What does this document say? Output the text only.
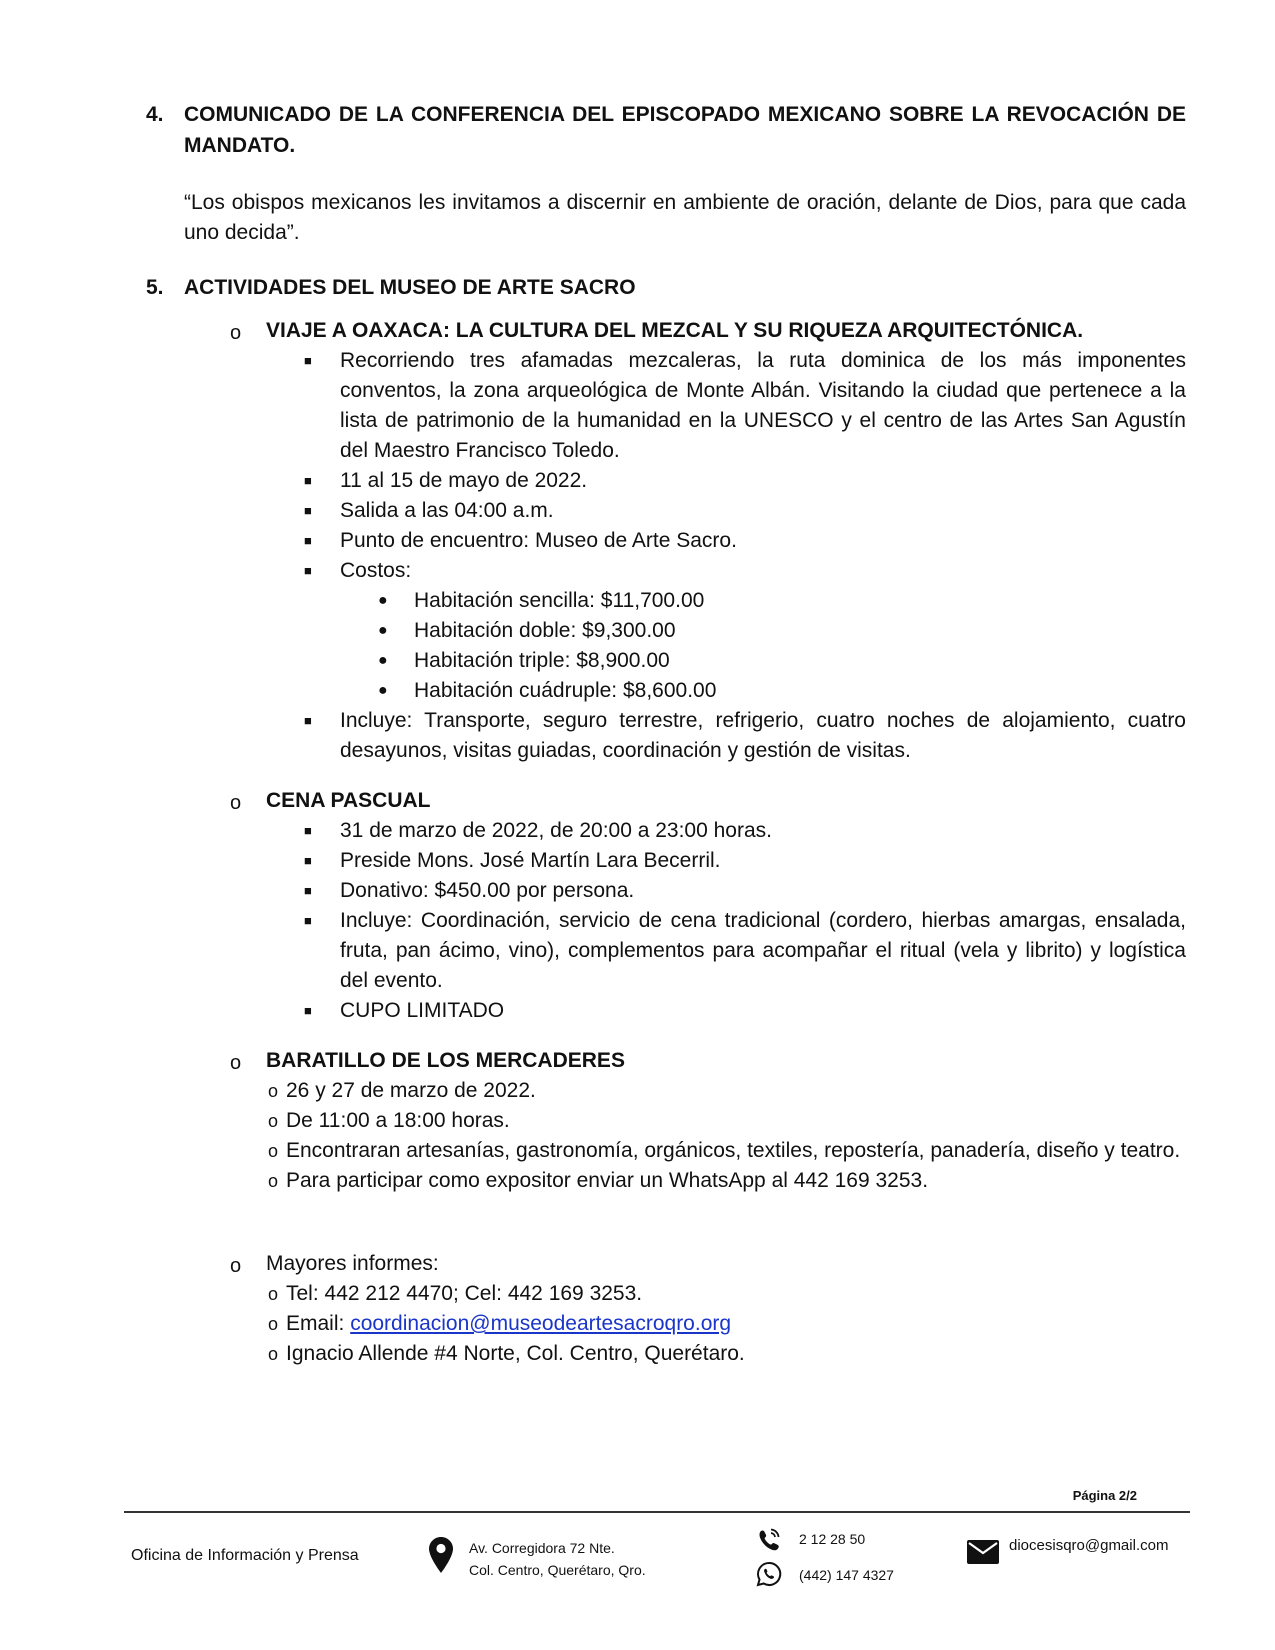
4. COMUNICADO DE LA CONFERENCIA DEL EPISCOPADO MEXICANO SOBRE LA REVOCACIÓN DE MANDATO.
“Los obispos mexicanos les invitamos a discernir en ambiente de oración, delante de Dios, para que cada uno decida”.
5. ACTIVIDADES DEL MUSEO DE ARTE SACRO
o VIAJE A OAXACA: LA CULTURA DEL MEZCAL Y SU RIQUEZA ARQUITECTÓNICA.
■ Recorriendo tres afamadas mezcaleras, la ruta dominica de los más imponentes conventos, la zona arqueológica de Monte Albán. Visitando la ciudad que pertenece a la lista de patrimonio de la humanidad en la UNESCO y el centro de las Artes San Agustín del Maestro Francisco Toledo.
■ 11 al 15 de mayo de 2022.
■ Salida a las 04:00 a.m.
■ Punto de encuentro: Museo de Arte Sacro.
■ Costos:
● Habitación sencilla: $11,700.00
● Habitación doble: $9,300.00
● Habitación triple: $8,900.00
● Habitación cuádruple: $8,600.00
■ Incluye: Transporte, seguro terrestre, refrigerio, cuatro noches de alojamiento, cuatro desayunos, visitas guiadas, coordinación y gestión de visitas.
o CENA PASCUAL
■ 31 de marzo de 2022, de 20:00 a 23:00 horas.
■ Preside Mons. José Martín Lara Becerril.
■ Donativo: $450.00 por persona.
■ Incluye: Coordinación, servicio de cena tradicional (cordero, hierbas amargas, ensalada, fruta, pan ácimo, vino), complementos para acompañar el ritual (vela y librito) y logística del evento.
■ CUPO LIMITADO
o BARATILLO DE LOS MERCADERES
o 26 y 27 de marzo de 2022.
o De 11:00 a 18:00 horas.
o Encontraran artesanías, gastronomía, orgánicos, textiles, repostería, panadería, diseño y teatro.
o Para participar como expositor enviar un WhatsApp al 442 169 3253.
o Mayores informes:
o Tel: 442 212 4470; Cel: 442 169 3253.
o Email: coordinacion@museodeartesacroqro.org
o Ignacio Allende #4 Norte, Col. Centro, Querétaro.
Página 2/2
Oficina de Información y Prensa	Av. Corregidora 72 Nte.
Col. Centro, Querétaro, Qro.
2 12 28 50
(442) 147 4327
diocesisqro@gmail.com
